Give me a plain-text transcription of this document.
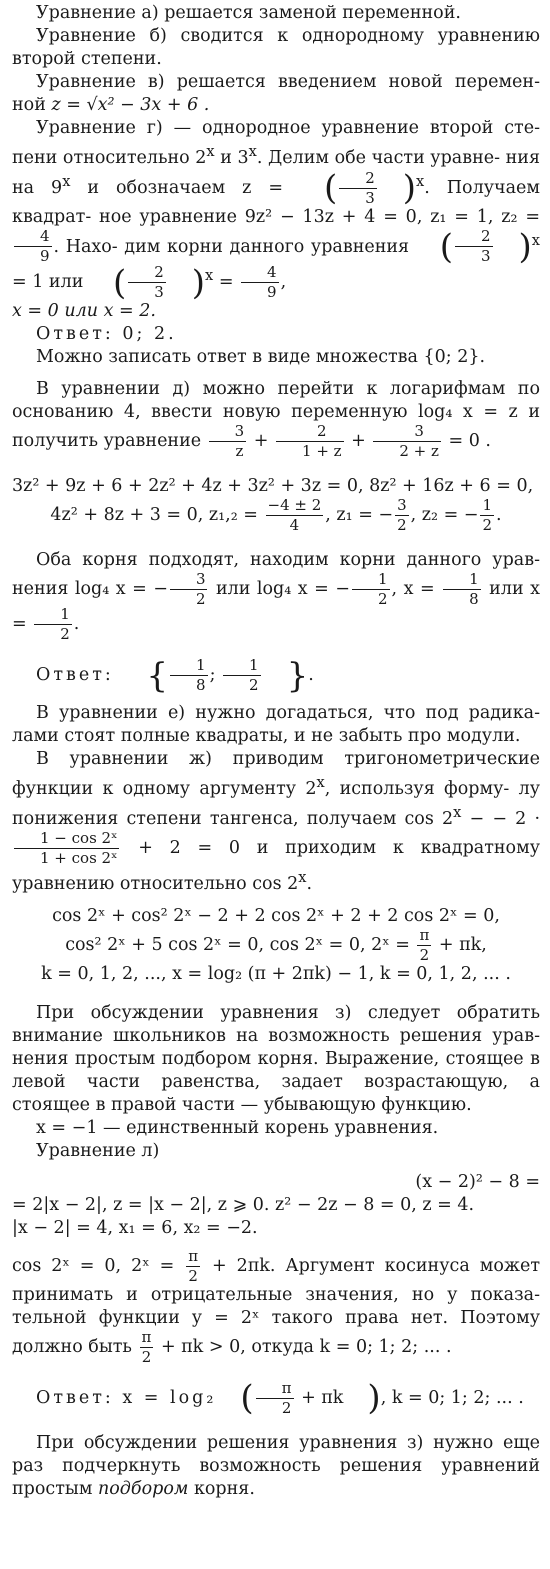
Уравнение а) решается заменой переменной.

Уравнение б) сводится к однородному уравнению второй степени.

Уравнение в) решается введением новой перемен- ной z = √x² − 3x + 6 .

Уравнение г) — однородное уравнение второй сте- пени относительно 2$^x$ и 3$^x$. Делим обе части уравне- ния на 9$^x$ и обозначаем z = ( $\frac{2}{3} )^x$. Получаем квадрат- ное уравнение 9z² − 13z + 4 = 0, z₁ = 1, z₂ =
$\frac{4}{9}$ . Нахо- дим корни данного уравнения ( $\frac{2}{3} )^x = 1$ или ( $\frac{2}{3} )^x = \frac{4}{9}$ ,

x = 0 или x = 2.

Ответ: 0; 2.

Можно записать ответ в виде множества {0; 2}.

В уравнении д) можно перейти к логарифмам по основанию 4, ввести новую переменную log₄ x = z и получить уравнение $\frac{3}{z} + \frac{2}{1 + z} + \frac{3}{2 + z} = 0$ .

3z² + 9z + 6 + 2z² + 4z + 3z² + 3z = 0, 8z² + 16z + 6 = 0,

4z² + 8z + 3 = 0, $z_1,_2 = \frac{-4 \pm 2}{4}$ , z₁ = − $\frac{3}{2}$ , z₂ = − $\frac{1}{2}$ .

Оба корня подходят, находим корни данного урав- нения log₄ x = − $\frac{3}{2}$ или log₄ x = − $\frac{1}{2}$ , $x = \frac{1}{8}$ или $x = \frac{1}{2}$ .

Ответ: { $\frac{1}{8}$ ; $\frac{1}{2}$ }.

В уравнении е) нужно догадаться, что под радика- лами стоят полные квадраты, и не забыть про модули.

В уравнении ж) приводим тригонометрические функции к одному аргументу 2$^x$, используя форму- лу понижения степени тангенса, получаем $\cos 2^x$ − − 2 ·
$\frac{\text{1 − cos 2ˣ}}{\text{1 + cos 2ˣ}} + 2 = 0$ и приходим к квадратному уравнению относительно cos 2$^x$.

cos 2ˣ + cos² 2ˣ − 2 + 2 cos 2ˣ + 2 + 2 cos 2ˣ = 0,

cos² 2ˣ + 5 cos 2ˣ = 0, cos 2ˣ = 0, 2ˣ = $\frac{\pi}{2} + \pi k$,

k = 0, 1, 2, ..., x = log₂ (π + 2πk) − 1, k = 0, 1, 2, ... .

При обсуждении уравнения з) следует обратить внимание школьников на возможность решения урав- нения простым подбором корня. Выражение, стоящее в левой части равенства, задает возрастающую, а стоящее в правой части — убывающую функцию.

x = −1 — единственный корень уравнения.

Уравнение л)

(x − 2)² − 8 =

= 2|x − 2|, z = |x − 2|, z ⩾ 0. z² − 2z − 8 = 0, z = 4.

|x − 2| = 4, x₁ = 6, x₂ = −2.

cos 2ˣ = 0, 2ˣ = $\frac{\pi}{2} + 2\pi k$. Аргумент косинуса может принимать и отрицательные значения, но у показа- тельной функции y = 2ˣ такого права нет. Поэтому должно быть $\frac{\pi}{2} + \pi k > 0$, откуда k = 0; 1; 2; ... .

Ответ: x = log₂ ( $\frac{\pi}{2} + \pi k$ ), k = 0; 1; 2; ... .

При обсуждении решения уравнения з) нужно еще раз подчеркнуть возможность решения уравнений простым подбором корня.
